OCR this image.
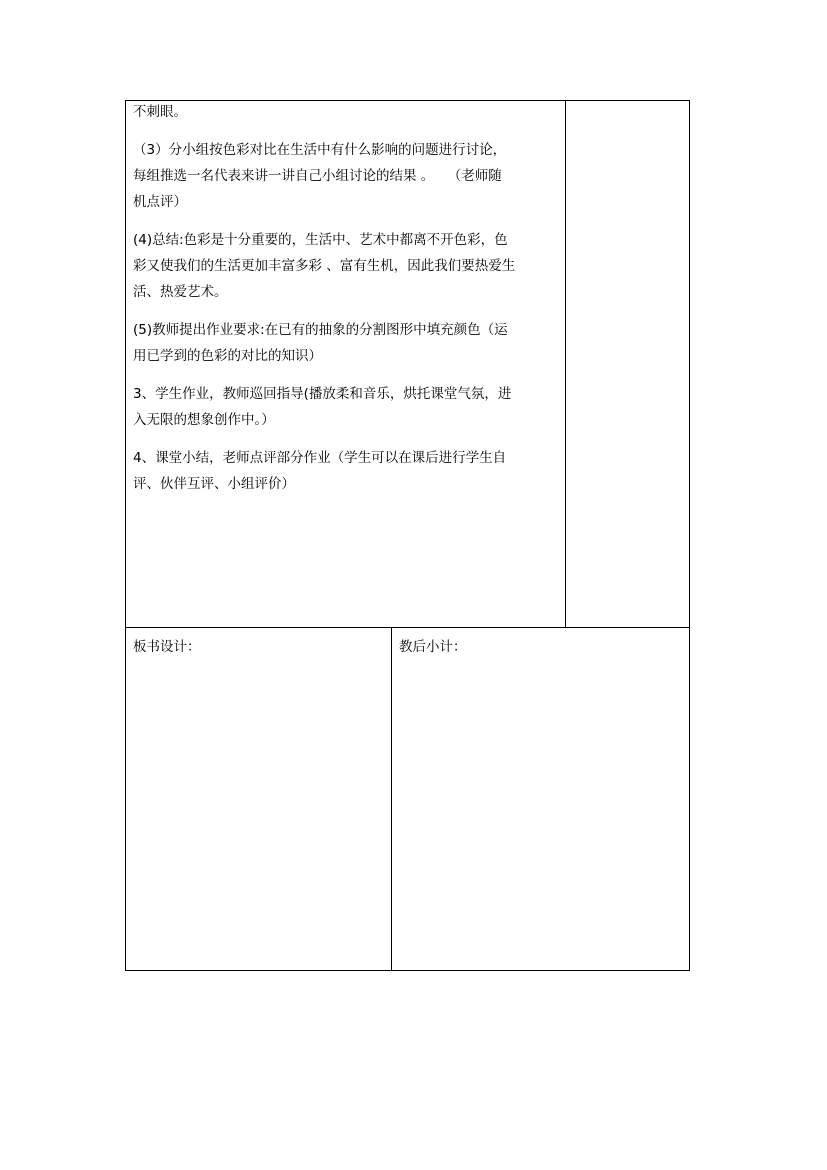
不刺眼。
（3）分小组按色彩对比在生活中有什么影响的问题进行讨论，
每组推选一名代表来讲一讲自己小组讨论的结果 。　　（老师随
机点评）
(4)总结:色彩是十分重要的，生活中、艺术中都离不开色彩，色
彩又使我们的生活更加丰富多彩 、富有生机，因此我们要热爱生
活、热爱艺术。
(5)教师提出作业要求:在已有的抽象的分割图形中填充颜色（运
用已学到的色彩的对比的知识）
3、学生作业，教师巡回指导(播放柔和音乐，烘托课堂气氛，进
入无限的想象创作中。）
4、课堂小结，老师点评部分作业（学生可以在课后进行学生自
评、伙伴互评、小组评价）
板书设计：	教后小计：
